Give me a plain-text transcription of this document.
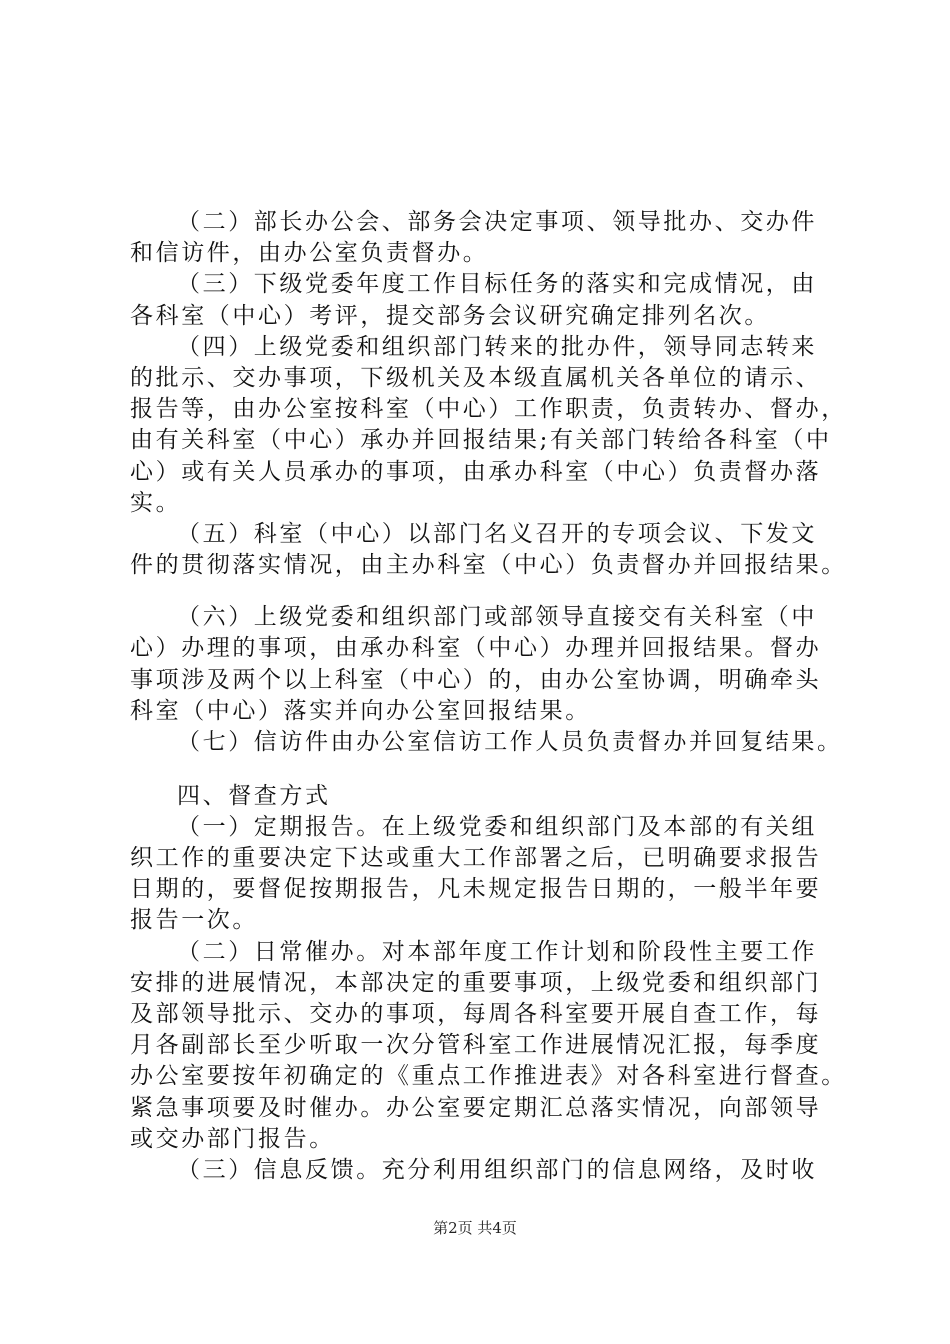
（二）部长办公会、部务会决定事项、领导批办、交办件
和信访件，由办公室负责督办。
（三）下级党委年度工作目标任务的落实和完成情况，由
各科室（中心）考评，提交部务会议研究确定排列名次。
（四）上级党委和组织部门转来的批办件，领导同志转来
的批示、交办事项，下级机关及本级直属机关各单位的请示、
报告等，由办公室按科室（中心）工作职责，负责转办、督办，
由有关科室（中心）承办并回报结果;有关部门转给各科室（中
心）或有关人员承办的事项，由承办科室（中心）负责督办落
实。
（五）科室（中心）以部门名义召开的专项会议、下发文
件的贯彻落实情况，由主办科室（中心）负责督办并回报结果。
（六）上级党委和组织部门或部领导直接交有关科室（中
心）办理的事项，由承办科室（中心）办理并回报结果。督办
事项涉及两个以上科室（中心）的，由办公室协调，明确牵头
科室（中心）落实并向办公室回报结果。
（七）信访件由办公室信访工作人员负责督办并回复结果。
四、督查方式
（一）定期报告。在上级党委和组织部门及本部的有关组
织工作的重要决定下达或重大工作部署之后，已明确要求报告
日期的，要督促按期报告，凡未规定报告日期的，一般半年要
报告一次。
（二）日常催办。对本部年度工作计划和阶段性主要工作
安排的进展情况，本部决定的重要事项，上级党委和组织部门
及部领导批示、交办的事项，每周各科室要开展自查工作，每
月各副部长至少听取一次分管科室工作进展情况汇报，每季度
办公室要按年初确定的《重点工作推进表》对各科室进行督查。
紧急事项要及时催办。办公室要定期汇总落实情况，向部领导
或交办部门报告。
（三）信息反馈。充分利用组织部门的信息网络，及时收
第2页 共4页
